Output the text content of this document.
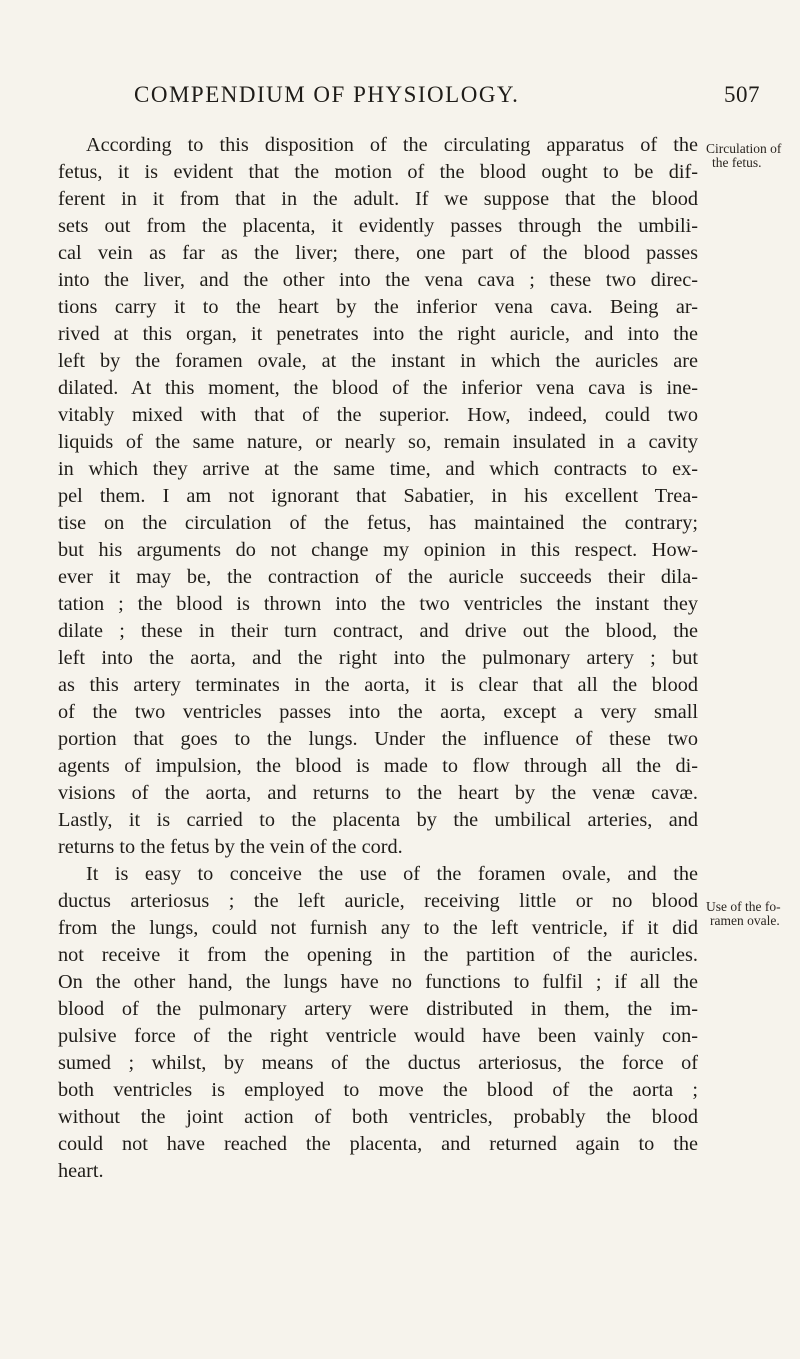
COMPENDIUM OF PHYSIOLOGY.	507
Circulation of
the fetus.
Use of the fo-
ramen ovale.
According to this disposition of the circulating apparatus of the
fetus, it is evident that the motion of the blood ought to be dif-
ferent in it from that in the adult. If we suppose that the blood
sets out from the placenta, it evidently passes through the umbili-
cal vein as far as the liver; there, one part of the blood passes
into the liver, and the other into the vena cava ; these two direc-
tions carry it to the heart by the inferior vena cava. Being ar-
rived at this organ, it penetrates into the right auricle, and into the
left by the foramen ovale, at the instant in which the auricles are
dilated. At this moment, the blood of the inferior vena cava is ine-
vitably mixed with that of the superior. How, indeed, could two
liquids of the same nature, or nearly so, remain insulated in a cavity
in which they arrive at the same time, and which contracts to ex-
pel them. I am not ignorant that Sabatier, in his excellent Trea-
tise on the circulation of the fetus, has maintained the contrary;
but his arguments do not change my opinion in this respect. How-
ever it may be, the contraction of the auricle succeeds their dila-
tation ; the blood is thrown into the two ventricles the instant they
dilate ; these in their turn contract, and drive out the blood, the
left into the aorta, and the right into the pulmonary artery ; but
as this artery terminates in the aorta, it is clear that all the blood
of the two ventricles passes into the aorta, except a very small
portion that goes to the lungs. Under the influence of these two
agents of impulsion, the blood is made to flow through all the di-
visions of the aorta, and returns to the heart by the venæ cavæ.
Lastly, it is carried to the placenta by the umbilical arteries, and
returns to the fetus by the vein of the cord.
It is easy to conceive the use of the foramen ovale, and the
ductus arteriosus ; the left auricle, receiving little or no blood
from the lungs, could not furnish any to the left ventricle, if it did
not receive it from the opening in the partition of the auricles.
On the other hand, the lungs have no functions to fulfil ; if all the
blood of the pulmonary artery were distributed in them, the im-
pulsive force of the right ventricle would have been vainly con-
sumed ; whilst, by means of the ductus arteriosus, the force of
both ventricles is employed to move the blood of the aorta ;
without the joint action of both ventricles, probably the blood
could not have reached the placenta, and returned again to the
heart.
